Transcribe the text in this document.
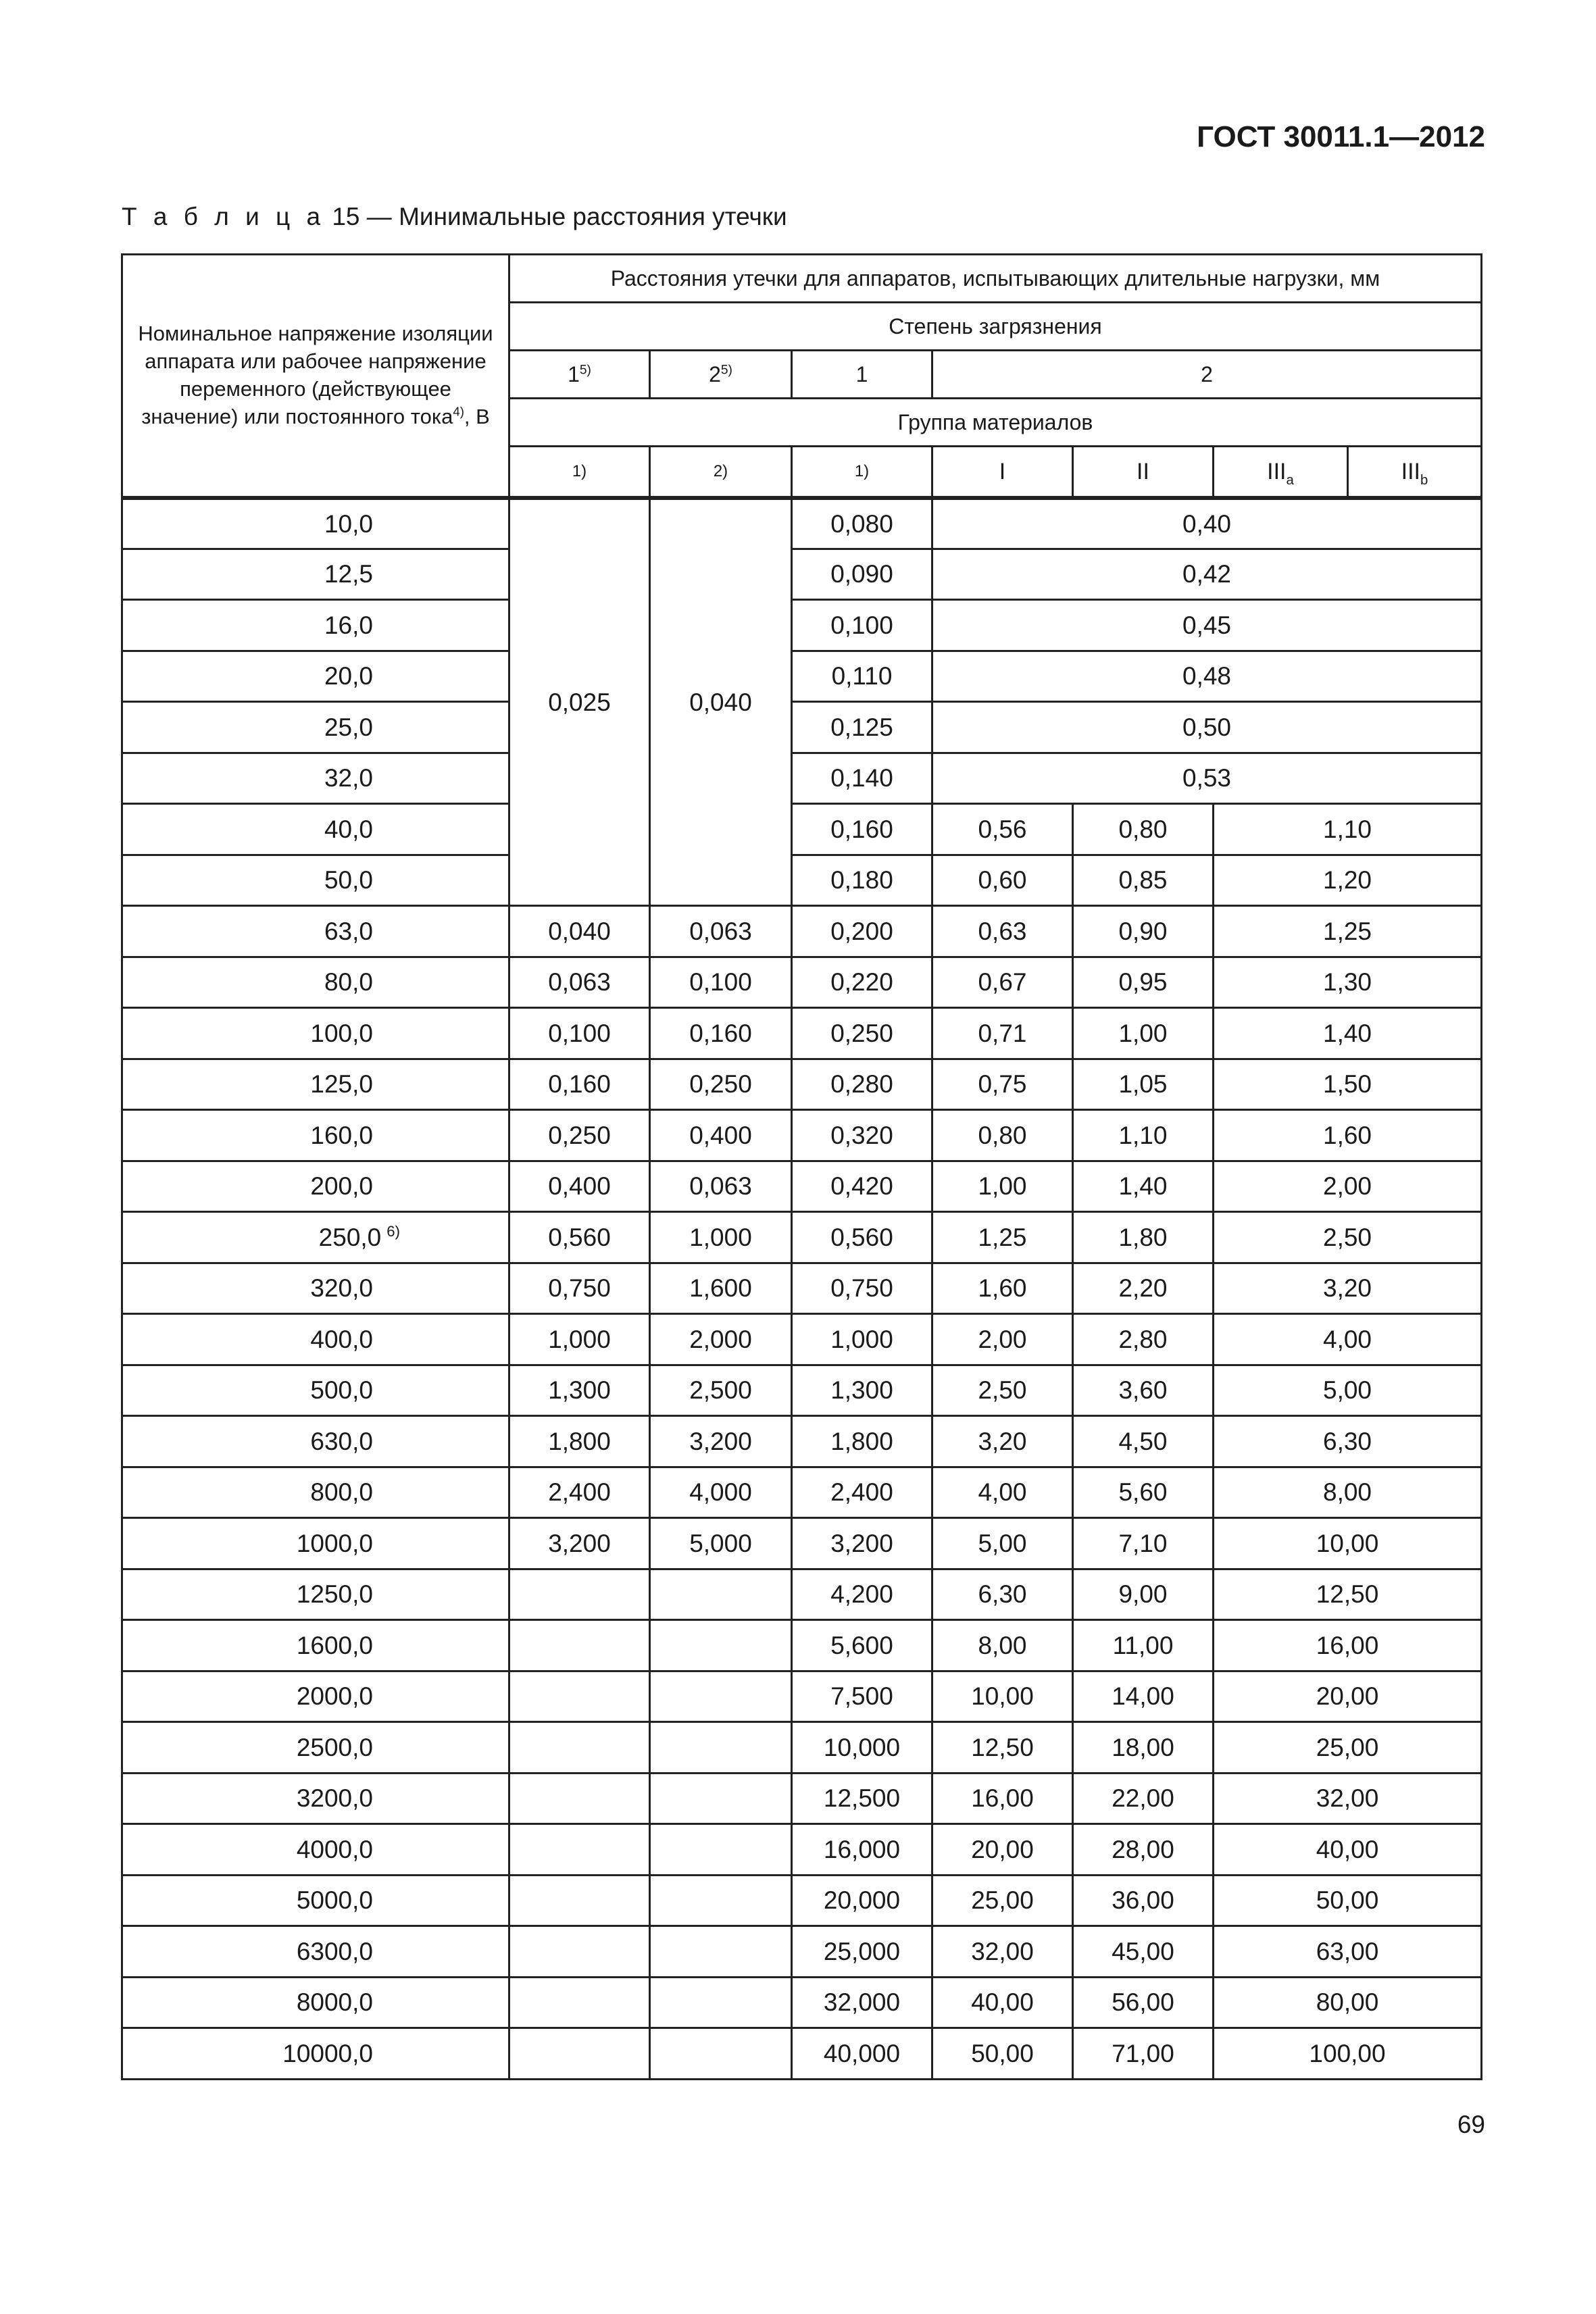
ГОСТ 30011.1—2012
Т а б л и ц а 15 — Минимальные расстояния утечки
Номинальное напряжение изоляции аппарата или рабочее напряжение переменного (действующее значение) или постоянного тока$^{4)}$, В	Расстояния утечки для аппаратов, испытывающих длительные нагрузки, мм						
	Степень загрязнения						
	1$^{5)}$	2$^{5)}$	1	2			
	Группа материалов						
	1)	2)	1)	I	II	$III_a$	$III_b$
10,0	0,025	0,040	0,080	0,40			
12,5			0,090	0,42			
16,0			0,100	0,45			
20,0			0,110	0,48			
25,0			0,125	0,50			
32,0			0,140	0,53			
40,0			0,160	0,56	0,80	1,10	
50,0			0,180	0,60	0,85	1,20	
63,0	0,040	0,063	0,200	0,63	0,90	1,25	
80,0	0,063	0,100	0,220	0,67	0,95	1,30	
100,0	0,100	0,160	0,250	0,71	1,00	1,40	
125,0	0,160	0,250	0,280	0,75	1,05	1,50	
160,0	0,250	0,400	0,320	0,80	1,10	1,60	
200,0	0,400	0,063	0,420	1,00	1,40	2,00	
250,0 $^{6)}$	0,560	1,000	0,560	1,25	1,80	2,50	
320,0	0,750	1,600	0,750	1,60	2,20	3,20	
400,0	1,000	2,000	1,000	2,00	2,80	4,00	
500,0	1,300	2,500	1,300	2,50	3,60	5,00	
630,0	1,800	3,200	1,800	3,20	4,50	6,30	
800,0	2,400	4,000	2,400	4,00	5,60	8,00	
1000,0	3,200	5,000	3,200	5,00	7,10	10,00	
1250,0			4,200	6,30	9,00	12,50	
1600,0			5,600	8,00	11,00	16,00	
2000,0			7,500	10,00	14,00	20,00	
2500,0			10,000	12,50	18,00	25,00	
3200,0			12,500	16,00	22,00	32,00	
4000,0			16,000	20,00	28,00	40,00	
5000,0			20,000	25,00	36,00	50,00	
6300,0			25,000	32,00	45,00	63,00	
8000,0			32,000	40,00	56,00	80,00	
10000,0			40,000	50,00	71,00	100,00	
69
